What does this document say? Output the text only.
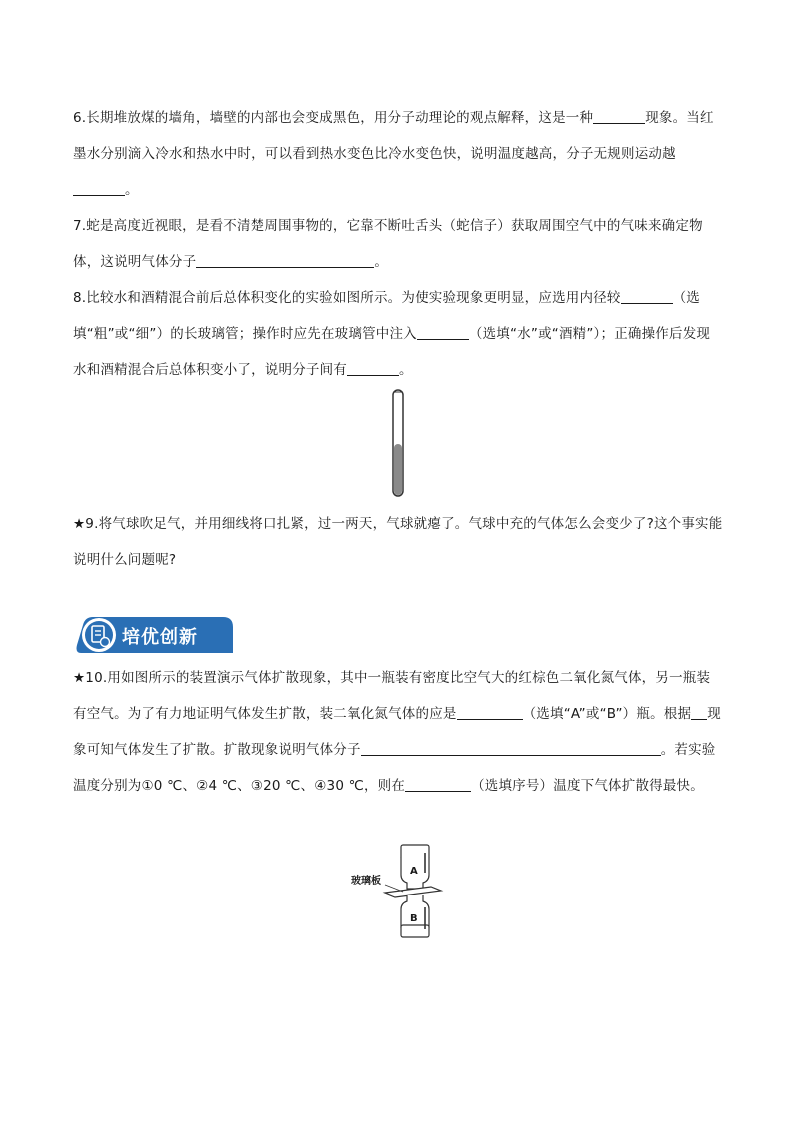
6.长期堆放煤的墙角，墙壁的内部也会变成黑色，用分子动理论的观点解释，这是一种	现象。当红墨水分别滴入冷水和热水中时，可以看到热水变色比冷水变色快，说明温度越高，分子无规则运动越。
7.蛇是高度近视眼，是看不清楚周围事物的，它靠不断吐舌头（蛇信子）获取周围空气中的气味来确定物体，这说明气体分子	。
8.比较水和酒精混合前后总体积变化的实验如图所示。为使实验现象更明显，应选用内径较	（选填“粗”或“细”）的长玻璃管；操作时应先在玻璃管中注入	（选填“水”或“酒精”）；正确操作后发现水和酒精混合后总体积变小了，说明分子间有	。
★9.将气球吹足气，并用细线将口扎紧，过一两天，气球就瘪了。气球中充的气体怎么会变少了?这个事实能说明什么问题呢?
培优创新
★10.用如图所示的装置演示气体扩散现象，其中一瓶装有密度比空气大的红棕色二氧化氮气体，另一瓶装有空气。为了有力地证明气体发生扩散，装二氧化氮气体的应是	（选填“A”或“B”）瓶。根据 现象可知气体发生了扩散。扩散现象说明气体分子	。若实验温度分别为①0 ℃、②4 ℃、③20 ℃、④30 ℃，则在	（选填序号）温度下气体扩散得最快。
A
玻璃板
B
